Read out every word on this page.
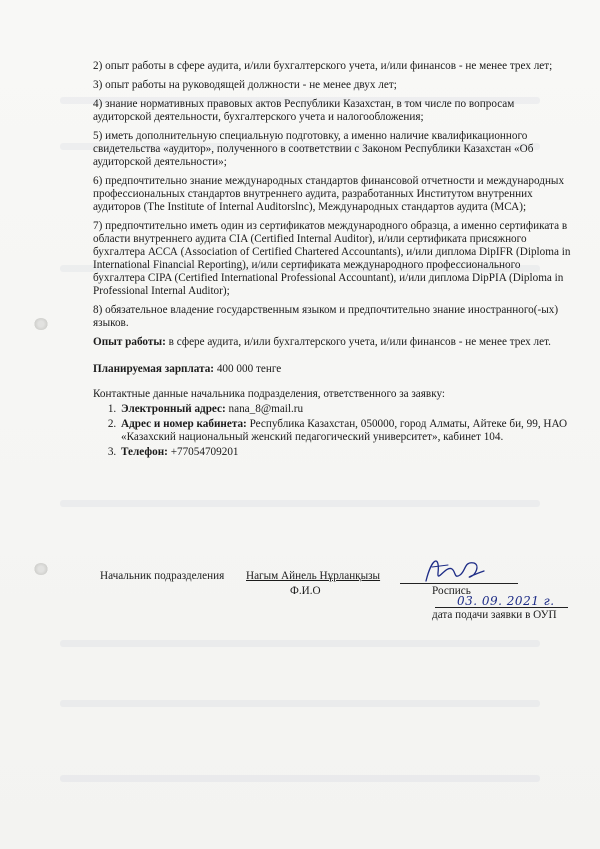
2) опыт работы в сфере аудита, и/или бухгалтерского учета, и/или финансов - не менее трех лет;

3) опыт работы на руководящей должности - не менее двух лет;

4) знание нормативных правовых актов Республики Казахстан, в том числе по вопросам аудиторской деятельности, бухгалтерского учета и налогообложения;

5) иметь дополнительную специальную подготовку, а именно наличие квалификационного свидетельства «аудитор», полученного в соответствии с Законом Республики Казахстан «Об аудиторской деятельности»;

6) предпочтительно знание международных стандартов финансовой отчетности и международных профессиональных стандартов внутреннего аудита, разработанных Институтом внутренних аудиторов (The Institute of Internal Auditorslnc), Международных стандартов аудита (МСА);

7) предпочтительно иметь один из сертификатов международного образца, а именно сертификата в области внутреннего аудита CIA (Certified Internal Auditor), и/или сертификата присяжного бухгалтера АССА (Association of Certified Chartered Accountants), и/или диплома DipIFR (Diploma in International Financial Reporting), и/или сертификата международного профессионального бухгалтера CIPA (Certified International Professional Accountant), и/или диплома DipPIA (Diploma in Professional Internal Auditor);

8) обязательное владение государственным языком и предпочтительно знание иностранного(-ых) языков.

Опыт работы: в сфере аудита, и/или бухгалтерского учета, и/или финансов - не менее трех лет.

Планируемая зарплата: 400 000 тенге

Контактные данные начальника подразделения, ответственного за заявку:

1. Электронный адрес: nana_8@mail.ru
2. Адрес и номер кабинета: Республика Казахстан, 050000, город Алматы, Айтеке би, 99, НАО «Казахский национальный женский педагогический университет», кабинет 104.
3. Телефон: +77054709201
Начальник подразделения Нагым Айнель Нұрланқызы
Ф.И.О	Роспись
03. 09. 2021 г.
дата подачи заявки в ОУП
